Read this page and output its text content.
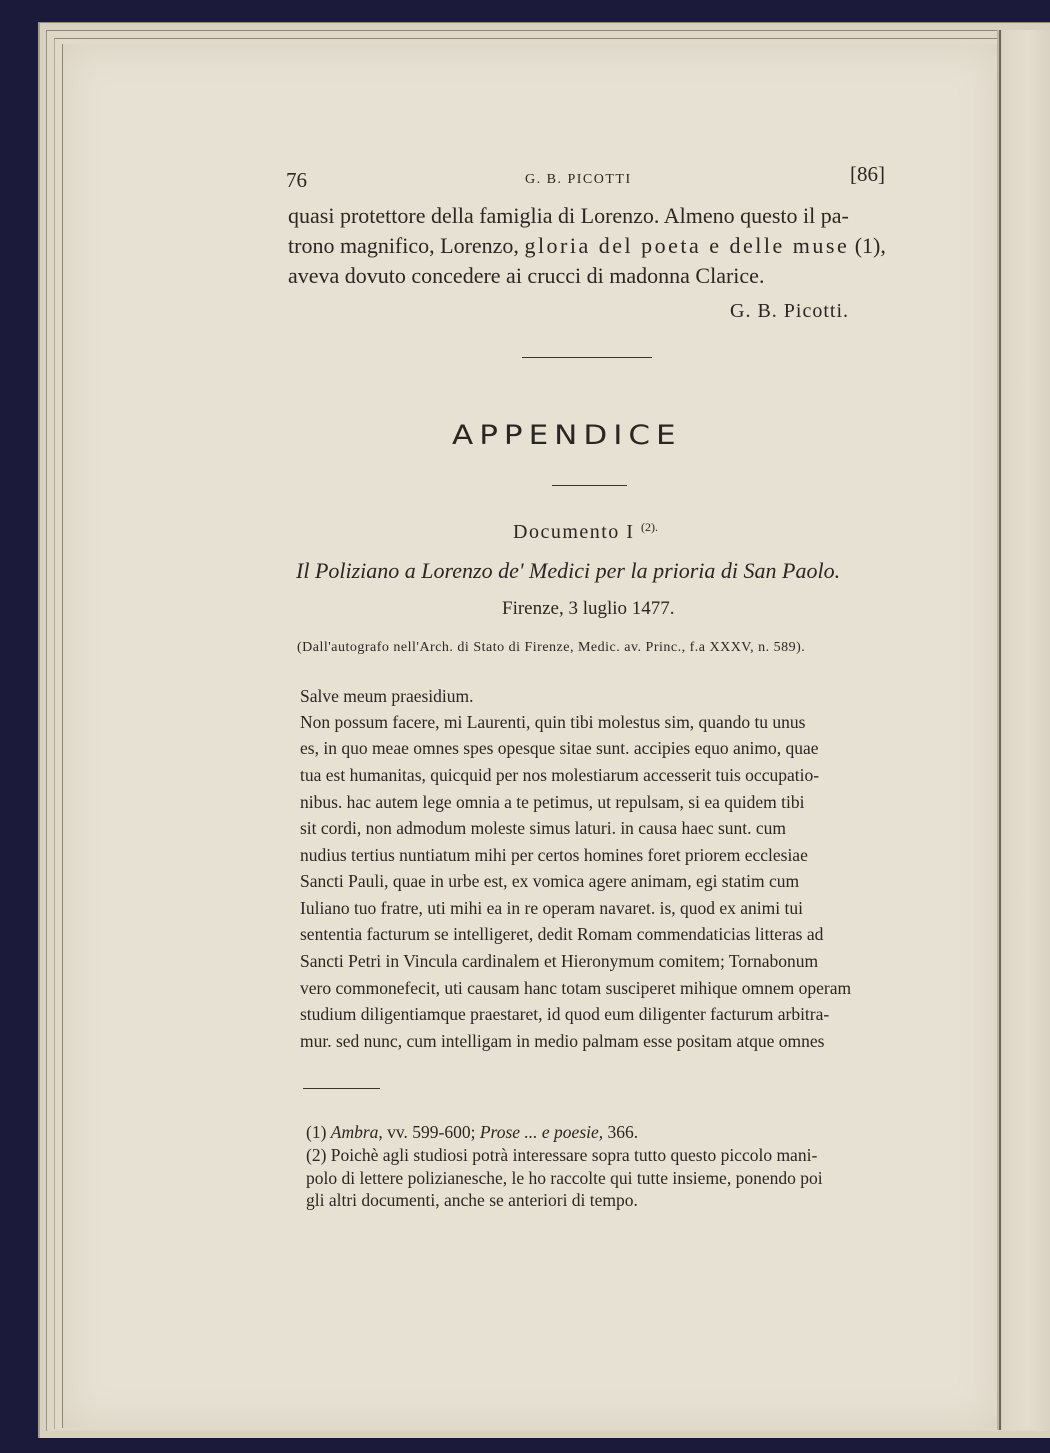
76	G. B. PICOTTI	[86]
quasi protettore della famiglia di Lorenzo. Almeno questo il pa-
trono magnifico, Lorenzo, gloria del poeta e delle muse (1),
aveva dovuto concedere ai crucci di madonna Clarice.
G. B. Picotti.
APPENDICE
Documento I $^{(2).}$
Il Poliziano a Lorenzo de' Medici per la prioria di San Paolo.
Firenze, 3 luglio 1477.
(Dall'autografo nell'Arch. di Stato di Firenze, Medic. av. Princ., f.a XXXV, n. 589).
Salve meum praesidium.
Non possum facere, mi Laurenti, quin tibi molestus sim, quando tu unus
es, in quo meae omnes spes opesque sitae sunt. accipies equo animo, quae
tua est humanitas, quicquid per nos molestiarum accesserit tuis occupatio-
nibus. hac autem lege omnia a te petimus, ut repulsam, si ea quidem tibi
sit cordi, non admodum moleste simus laturi. in causa haec sunt. cum
nudius tertius nuntiatum mihi per certos homines foret priorem ecclesiae
Sancti Pauli, quae in urbe est, ex vomica agere animam, egi statim cum
Iuliano tuo fratre, uti mihi ea in re operam navaret. is, quod ex animi tui
sententia facturum se intelligeret, dedit Romam commendaticias litteras ad
Sancti Petri in Vincula cardinalem et Hieronymum comitem; Tornabonum
vero commonefecit, uti causam hanc totam susciperet mihique omnem operam
studium diligentiamque praestaret, id quod eum diligenter facturum arbitra-
mur. sed nunc, cum intelligam in medio palmam esse positam atque omnes
(1) Ambra, vv. 599-600; Prose ... e poesie, 366.
(2) Poichè agli studiosi potrà interessare sopra tutto questo piccolo mani-
polo di lettere polizianesche, le ho raccolte qui tutte insieme, ponendo poi
gli altri documenti, anche se anteriori di tempo.
